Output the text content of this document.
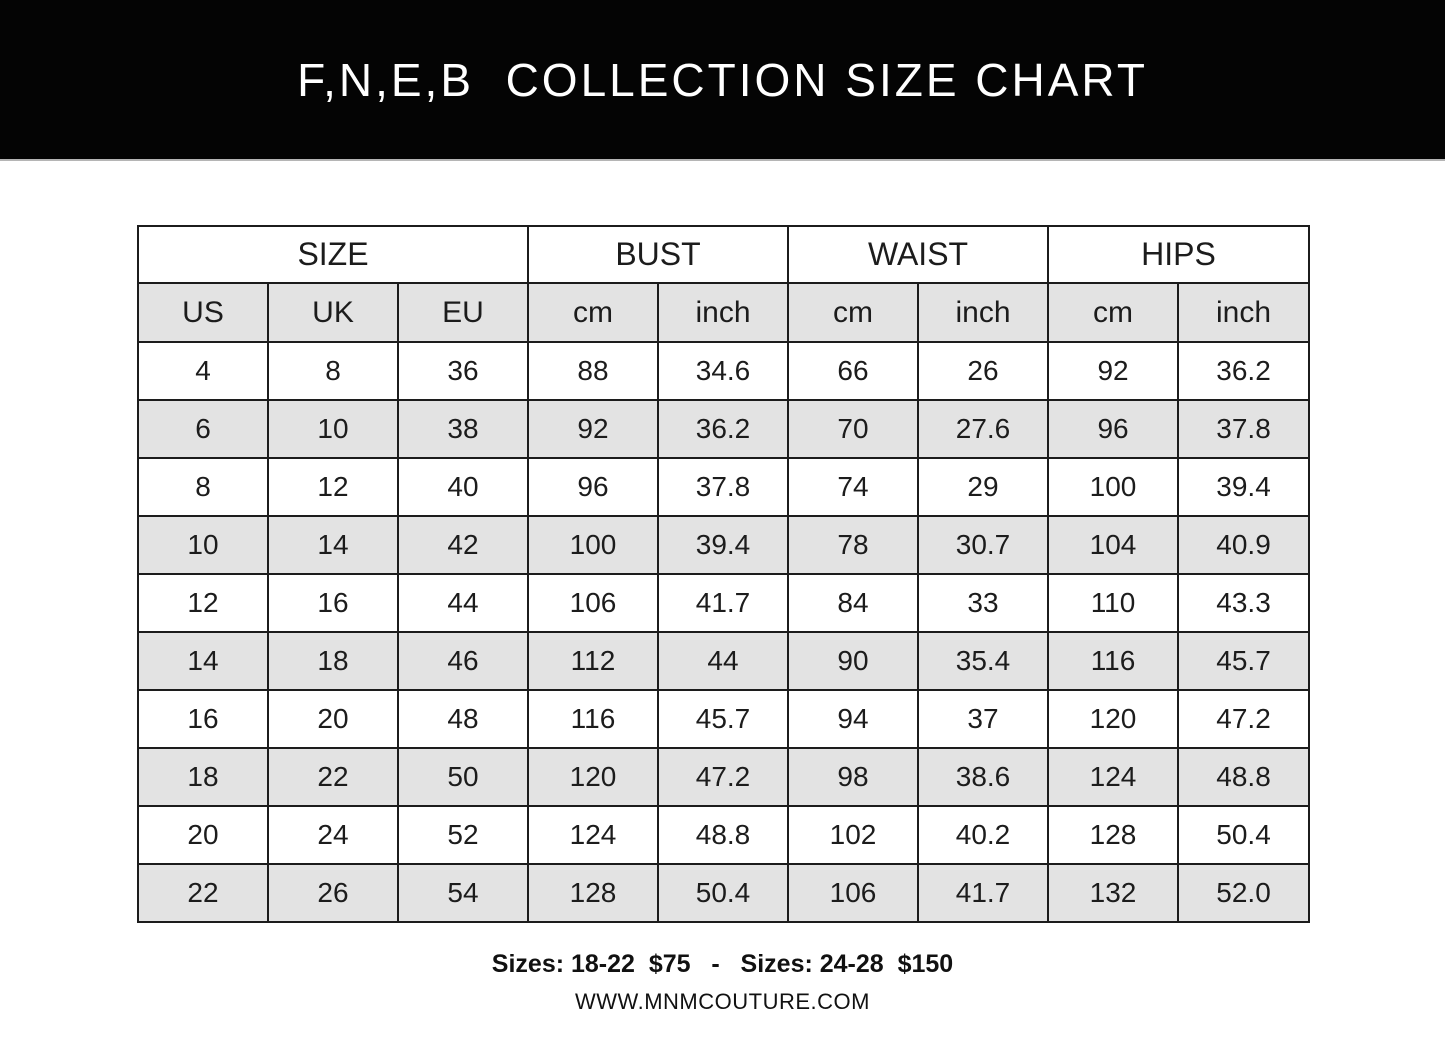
F,N,E,B  COLLECTION SIZE CHART
SIZE			BUST		WAIST		HIPS	
US	UK	EU	cm	inch	cm	inch	cm	inch
4	8	36	88	34.6	66	26	92	36.2
6	10	38	92	36.2	70	27.6	96	37.8
8	12	40	96	37.8	74	29	100	39.4
10	14	42	100	39.4	78	30.7	104	40.9
12	16	44	106	41.7	84	33	110	43.3
14	18	46	112	44	90	35.4	116	45.7
16	20	48	116	45.7	94	37	120	47.2
18	22	50	120	47.2	98	38.6	124	48.8
20	24	52	124	48.8	102	40.2	128	50.4
22	26	54	128	50.4	106	41.7	132	52.0

Sizes: 18-22  $75   -   Sizes: 24-28  $150

WWW.MNMCOUTURE.COM
